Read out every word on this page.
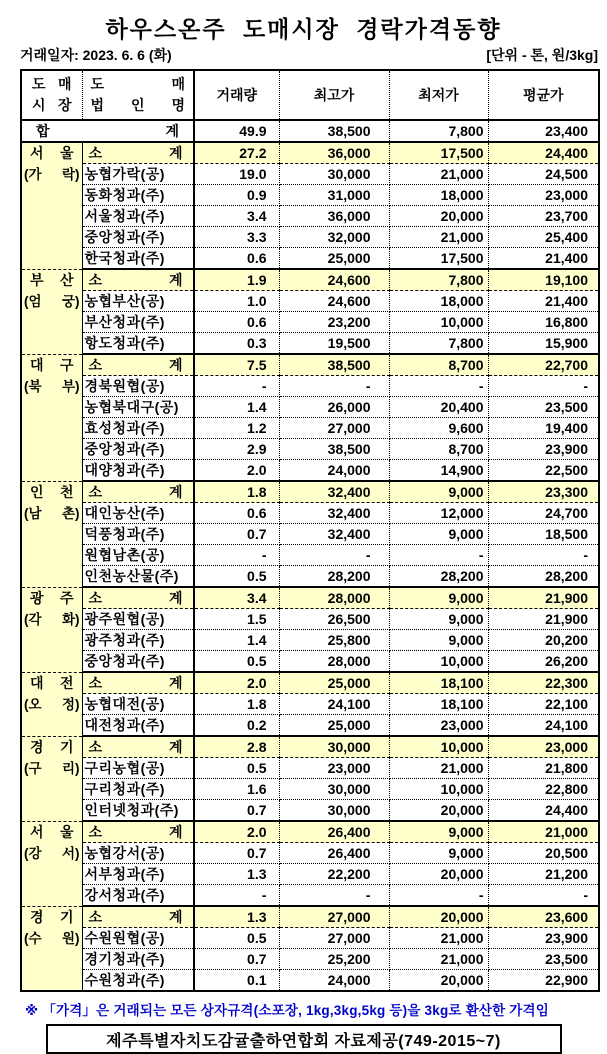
하우스온주 도매시장 경락가격동향
거래일자: 2023. 6. 6 (화)	[단위 - 톤, 원/3kg]
도 매
시 장

도 매
법 인 명
	거래량	최고가	최저가	평균가
합 계		49.9	38,500	7,800	23,400

서 울
(가 락)	소 계	27.2	36,000	17,500	24,400
	농협가락(공)	19.0	30,000	21,000	24,500
	동화청과(주)	0.9	31,000	18,000	23,000
	서울청과(주)	3.4	36,000	20,000	23,700
	중앙청과(주)	3.3	32,000	21,000	25,400
	한국청과(주)	0.6	25,000	17,500	21,400

부 산
(엄 궁)	소 계	1.9	24,600	7,800	19,100
	농협부산(공)	1.0	24,600	18,000	21,400
	부산청과(주)	0.6	23,200	10,000	16,800
	항도청과(주)	0.3	19,500	7,800	15,900

대 구
(북 부)	소 계	7.5	38,500	8,700	22,700
	경북원협(공)	-	-	-	-
	농협북대구(공)	1.4	26,000	20,400	23,500
	효성청과(주)	1.2	27,000	9,600	19,400
	중앙청과(주)	2.9	38,500	8,700	23,900
	대양청과(주)	2.0	24,000	14,900	22,500

인 천
(남 촌)	소 계	1.8	32,400	9,000	23,300
	대인농산(주)	0.6	32,400	12,000	24,700
	덕풍청과(주)	0.7	32,400	9,000	18,500
	원협남촌(공)	-	-	-	-
	인천농산물(주)	0.5	28,200	28,200	28,200

광 주
(각 화)	소 계	3.4	28,000	9,000	21,900
	광주원협(공)	1.5	26,500	9,000	21,900
	광주청과(주)	1.4	25,800	9,000	20,200
	중앙청과(주)	0.5	28,000	10,000	26,200

대 전
(오 정)	소 계	2.0	25,000	18,100	22,300
	농협대전(공)	1.8	24,100	18,100	22,100
	대전청과(주)	0.2	25,000	23,000	24,100

경 기
(구 리)	소 계	2.8	30,000	10,000	23,000
	구리농협(공)	0.5	23,000	21,000	21,800
	구리청과(주)	1.6	30,000	10,000	22,800
	인터넷청과(주)	0.7	30,000	20,000	24,400

서 울
(강 서)	소 계	2.0	26,400	9,000	21,000
	농협강서(공)	0.7	26,400	9,000	20,500
	서부청과(주)	1.3	22,200	20,000	21,200
	강서청과(주)	-	-	-	-

경 기
(수 원)	소 계	1.3	27,000	20,000	23,600
	수원원협(공)	0.5	27,000	21,000	23,900
	경기청과(주)	0.7	25,200	21,000	23,500
	수원청과(주)	0.1	24,000	20,000	22,900
※ 「가격」은 거래되는 모든 상자규격(소포장, 1kg,3kg,5kg 등)을 3kg로 환산한 가격임
제주특별자치도감귤출하연합회 자료제공(749-2015~7)
